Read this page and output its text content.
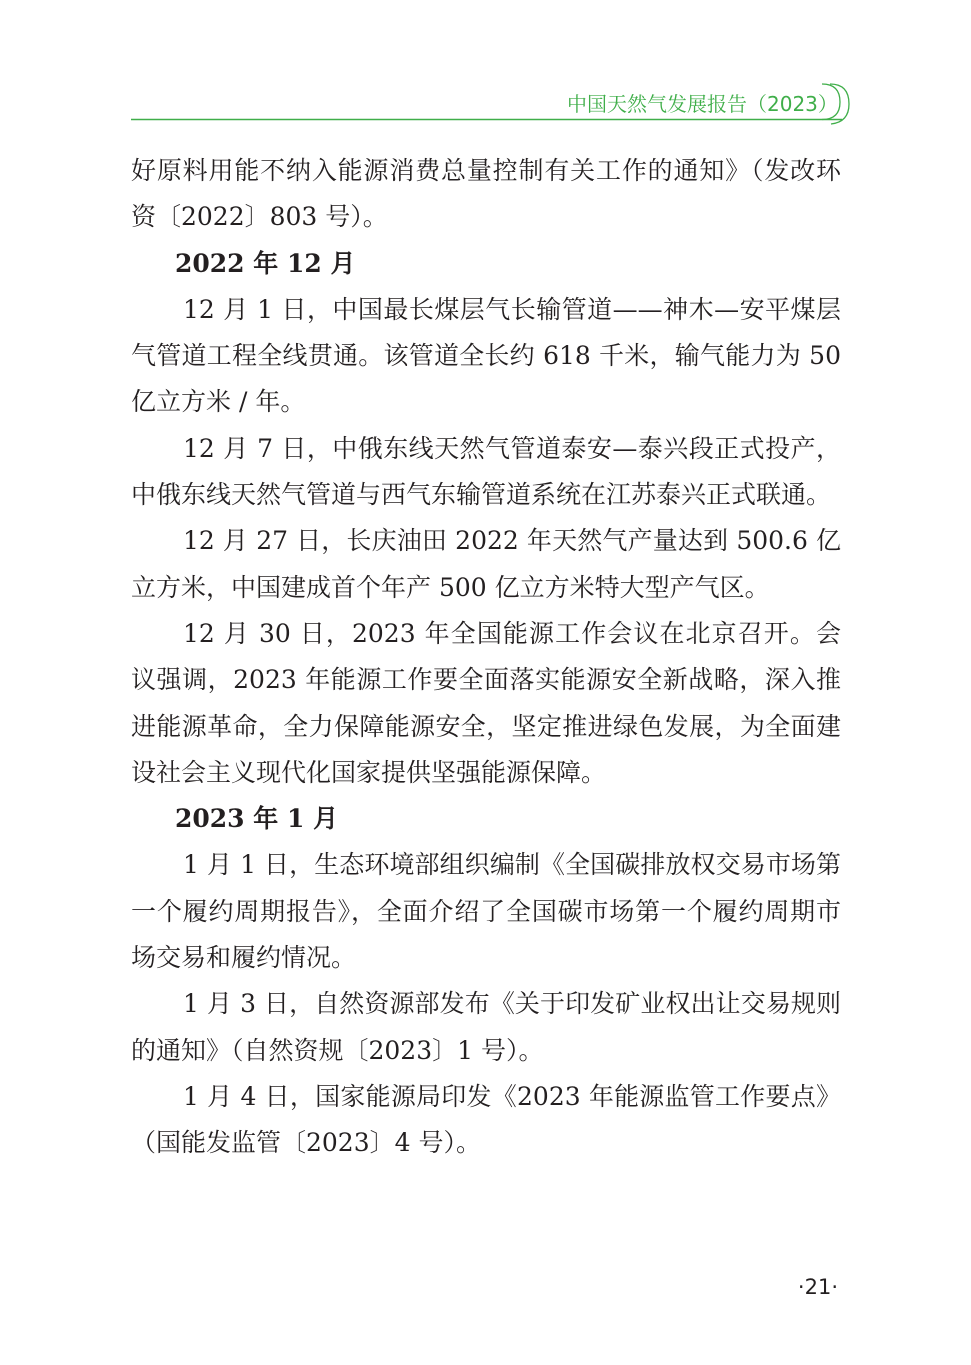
中国天然气发展报告（2023）

好原料用能不纳入能源消费总量控制有关工作的通知》（发改环资〔2022〕803 号）。

2022 年 12 月

12 月 1 日，中国最长煤层气长输管道——神木—安平煤层气管道工程全线贯通。该管道全长约 618 千米，输气能力为 50 亿立方米 / 年。

12 月 7 日，中俄东线天然气管道泰安—泰兴段正式投产，中俄东线天然气管道与西气东输管道系统在江苏泰兴正式联通。

12 月 27 日，长庆油田 2022 年天然气产量达到 500.6 亿立方米，中国建成首个年产 500 亿立方米特大型产气区。

12 月 30 日，2023 年全国能源工作会议在北京召开。会议强调，2023 年能源工作要全面落实能源安全新战略，深入推进能源革命，全力保障能源安全，坚定推进绿色发展，为全面建设社会主义现代化国家提供坚强能源保障。

2023 年 1 月

1 月 1 日，生态环境部组织编制《全国碳排放权交易市场第一个履约周期报告》，全面介绍了全国碳市场第一个履约周期市场交易和履约情况。

1 月 3 日，自然资源部发布《关于印发矿业权出让交易规则的通知》（自然资规〔2023〕1 号）。

1 月 4 日，国家能源局印发《2023 年能源监管工作要点》（国能发监管〔2023〕4 号）。

·21·
